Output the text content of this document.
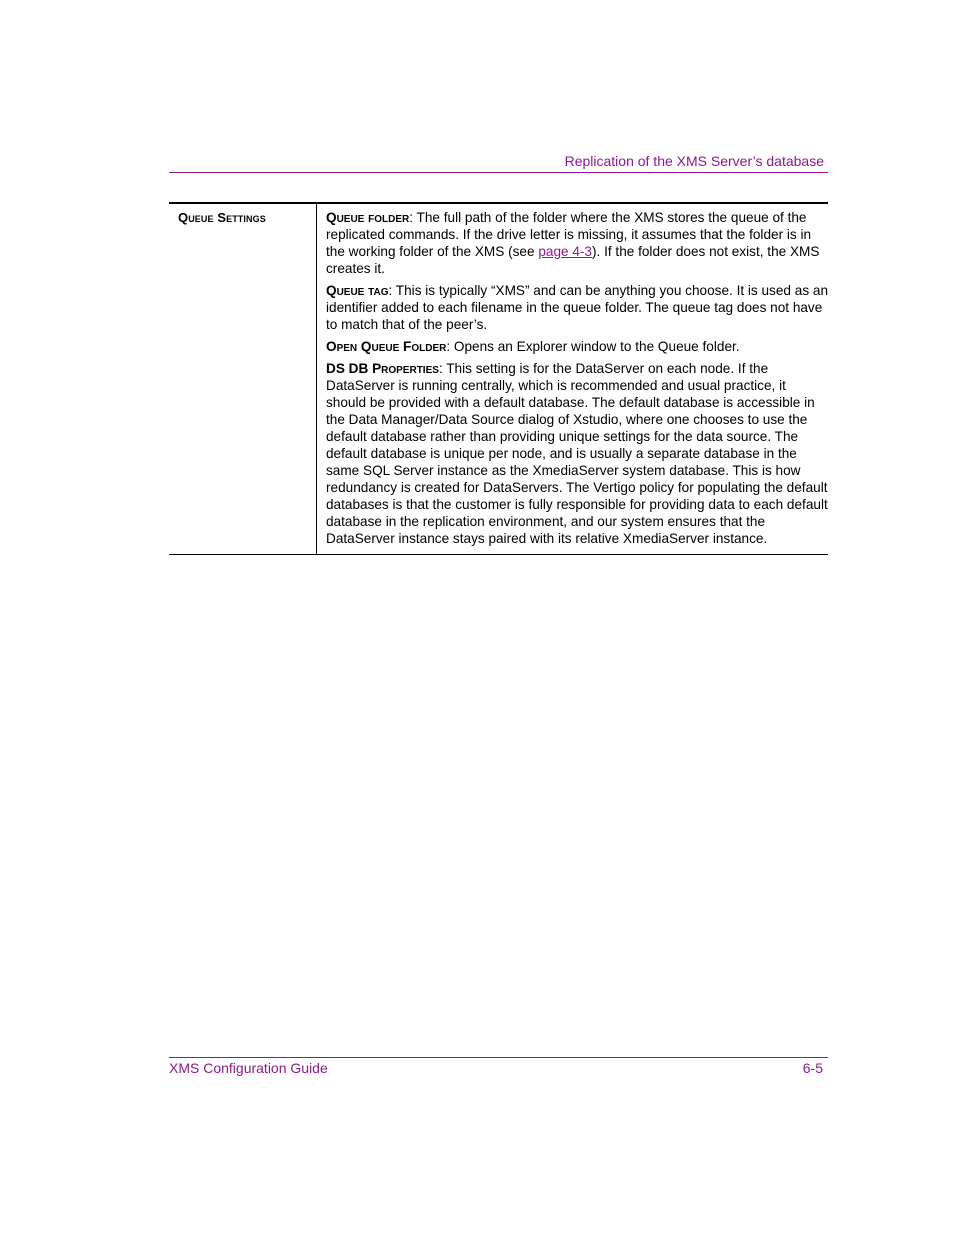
Replication of the XMS Server’s database
Queue Settings	Queue folder: The full path of the folder where the XMS stores the queue of the replicated commands. If the drive letter is missing, it assumes that the folder is in the working folder of the XMS (see page 4-3). If the folder does not exist, the XMS creates it.

Queue tag: This is typically “XMS” and can be anything you choose. It is used as an identifier added to each filename in the queue folder. The queue tag does not have to match that of the peer’s.

Open Queue Folder: Opens an Explorer window to the Queue folder.

DS DB Properties: This setting is for the DataServer on each node. If the DataServer is running centrally, which is recommended and usual practice, it should be provided with a default database. The default database is accessible in the Data Manager/Data Source dialog of Xstudio, where one chooses to use the default database rather than providing unique settings for the data source. The default database is unique per node, and is usually a separate database in the same SQL Server instance as the XmediaServer system database. This is how redundancy is created for DataServers. The Vertigo policy for populating the default databases is that the customer is fully responsible for providing data to each default database in the replication environment, and our system ensures that the DataServer instance stays paired with its relative XmediaServer instance.

XMS Configuration Guide	6-5
